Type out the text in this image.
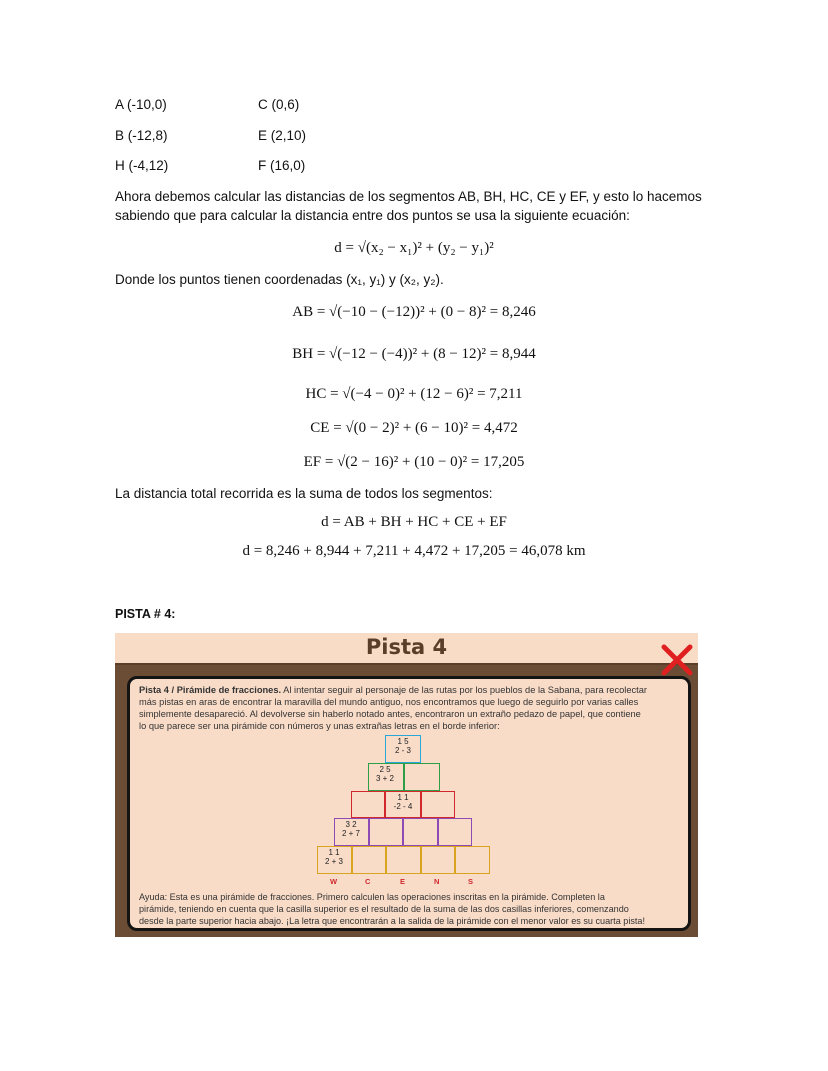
A (-10,0)	C (0,6)
B (-12,8)	E (2,10)
H (-4,12)	F (16,0)
Ahora debemos calcular las distancias de los segmentos AB, BH, HC, CE y EF, y esto lo hacemos
sabiendo que para calcular la distancia entre dos puntos se usa la siguiente ecuación:
d = √(x₂ − x₁)² + (y₂ − y₁)²
Donde los puntos tienen coordenadas (x₁, y₁) y (x₂, y₂).
AB = √(−10 − (−12))² + (0 − 8)² = 8,246
BH = √(−12 − (−4))² + (8 − 12)² = 8,944
HC = √(−4 − 0)² + (12 − 6)² = 7,211
CE = √(0 − 2)² + (6 − 10)² = 4,472
EF = √(2 − 16)² + (10 − 0)² = 17,205
La distancia total recorrida es la suma de todos los segmentos:
d = AB + BH + HC + CE + EF
d = 8,246 + 8,944 + 7,211 + 4,472 + 17,205 = 46,078 km
PISTA # 4:
Pista 4
Pista 4 / Pirámide de fracciones. Al intentar seguir al personaje de las rutas por los pueblos de la Sabana, para recolectar
más pistas en aras de encontrar la maravilla del mundo antiguo, nos encontramos que luego de seguirlo por varias calles
simplemente desapareció. Al devolverse sin haberlo notado antes, encontraron un extraño pedazo de papel, que contiene
lo que parece ser una pirámide con números y unas extrañas letras en el borde inferior:
1 5
2 - 3
2 5
3 + 2
1 1
-2 - 4
3 2
2 + 7
1 1
2 + 3
W	C	E	N	S
Ayuda: Esta es una pirámide de fracciones. Primero calculen las operaciones inscritas en la pirámide. Completen la
pirámide, teniendo en cuenta que la casilla superior es el resultado de la suma de las dos casillas inferiores, comenzando
desde la parte superior hacia abajo. ¡La letra que encontrarán a la salida de la pirámide con el menor valor es su cuarta pista!
